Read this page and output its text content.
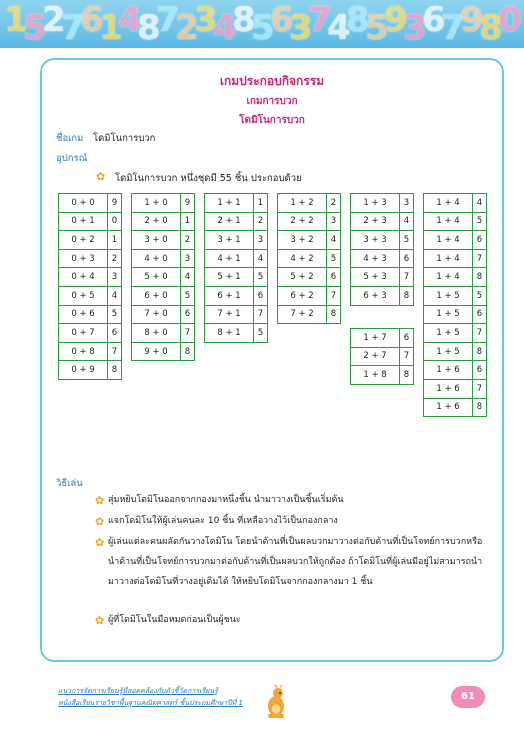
1
5
2
7
6
1
4
8
7
2
3
4
8
5
6
3
7
4
8
5
9
3
6
7
9
8
0
เกมประกอบกิจกรรม
เกมการบวก
โดมิโนการบวก
ชื่อเกม โดมิโนการบวก
อุปกรณ์
✿ โดมิโนการบวก หนึ่งชุดมี 55 ชิ้น ประกอบด้วย
0 + 0	9
0 + 1	0
0 + 2	1
0 + 3	2
0 + 4	3
0 + 5	4
0 + 6	5
0 + 7	6
0 + 8	7
0 + 9	8
1 + 0	9
2 + 0	1
3 + 0	2
4 + 0	3
5 + 0	4
6 + 0	5
7 + 0	6
8 + 0	7
9 + 0	8
1 + 1	1
2 + 1	2
3 + 1	3
4 + 1	4
5 + 1	5
6 + 1	6
7 + 1	7
8 + 1	5
1 + 2	2
2 + 2	3
3 + 2	4
4 + 2	5
5 + 2	6
6 + 2	7
7 + 2	8
1 + 3	3
2 + 3	4
3 + 3	5
4 + 3	6
5 + 3	7
6 + 3	8
1 + 7	6
2 + 7	7
1 + 8	8
1 + 4	4
1 + 4	5
1 + 4	6
1 + 4	7
1 + 4	8
1 + 5	5
1 + 5	6
1 + 5	7
1 + 5	8
1 + 6	6
1 + 6	7
1 + 6	8
วิธีเล่น
✿ สุ่มหยิบโดมิโนออกจากกองมาหนึ่งชิ้น นำมาวางเป็นชิ้นเริ่มต้น
✿ แจกโดมิโนให้ผู้เล่นคนละ 10 ชิ้น ที่เหลือวางไว้เป็นกองกลาง
✿ ผู้เล่นแต่ละคนผลัดกันวางโดมิโน โดยนำด้านที่เป็นผลบวกมาวางต่อกับด้านที่เป็นโจทย์การบวกหรือนำด้านที่เป็นโจทย์การบวกมาต่อกับด้านที่เป็นผลบวกให้ถูกต้อง ถ้าโดมิโนที่ผู้เล่นมีอยู่ไม่สามารถนำมาวางต่อโดมิโนที่วางอยู่เดิมได้ ให้หยิบโดมิโนจากกองกลางมา 1 ชิ้น
✿ ผู้ที่โดมิโนในมือหมดก่อนเป็นผู้ชนะ
แนวการจัดการเรียนรู้ที่สอดคล้องกับตัวชี้วัดการเรียนรู้
หนังสือเรียนรายวิชาพื้นฐานคณิตศาสตร์ ชั้นประถมศึกษาปีที่ 1
61
